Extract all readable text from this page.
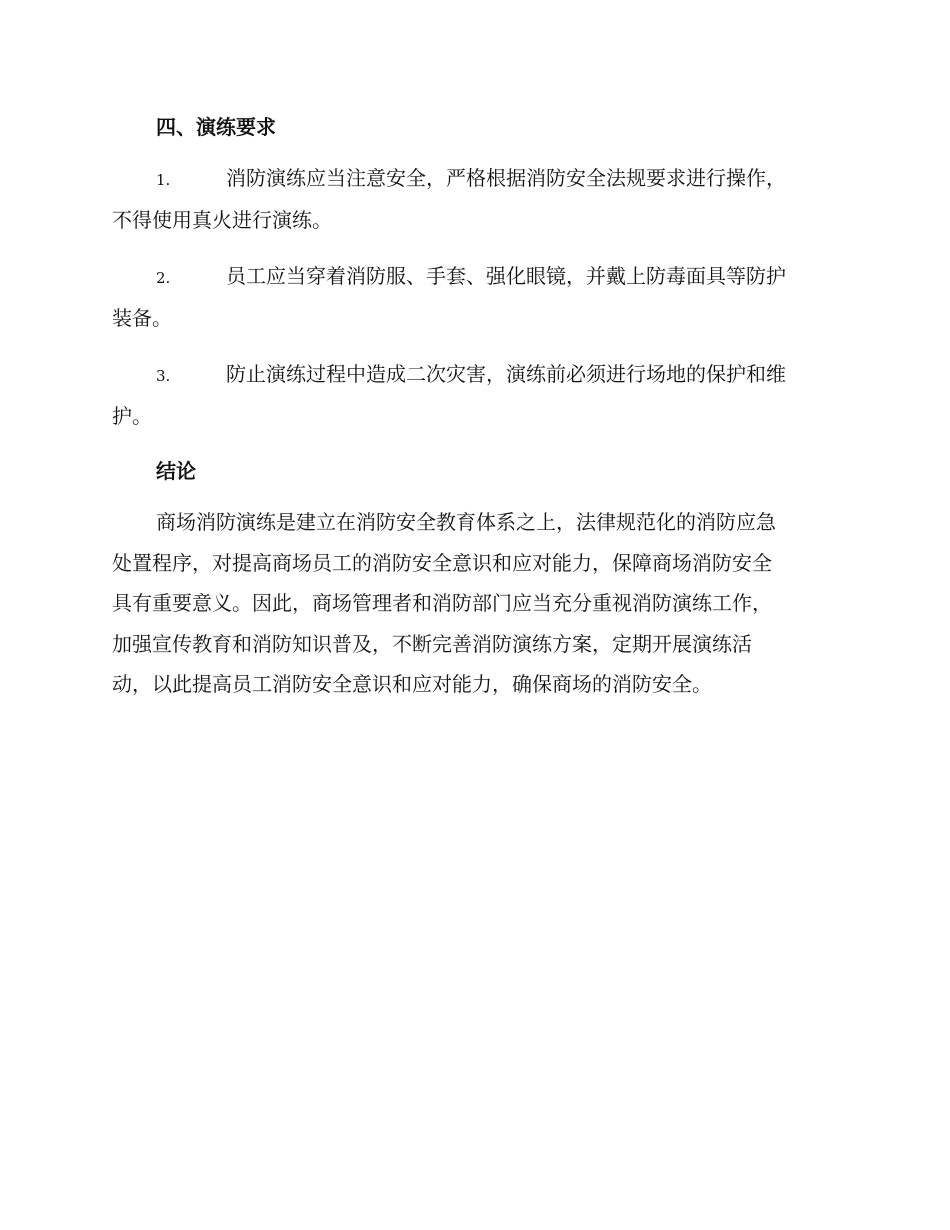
四、演练要求
1.	消防演练应当注意安全，严格根据消防安全法规要求进行操作，
不得使用真火进行演练。
2.	员工应当穿着消防服、手套、强化眼镜，并戴上防毒面具等防护
装备。
3.	防止演练过程中造成二次灾害，演练前必须进行场地的保护和维
护。
结论
商场消防演练是建立在消防安全教育体系之上，法律规范化的消防应急
处置程序，对提高商场员工的消防安全意识和应对能力，保障商场消防安全
具有重要意义。因此，商场管理者和消防部门应当充分重视消防演练工作，
加强宣传教育和消防知识普及，不断完善消防演练方案，定期开展演练活
动，以此提高员工消防安全意识和应对能力，确保商场的消防安全。
